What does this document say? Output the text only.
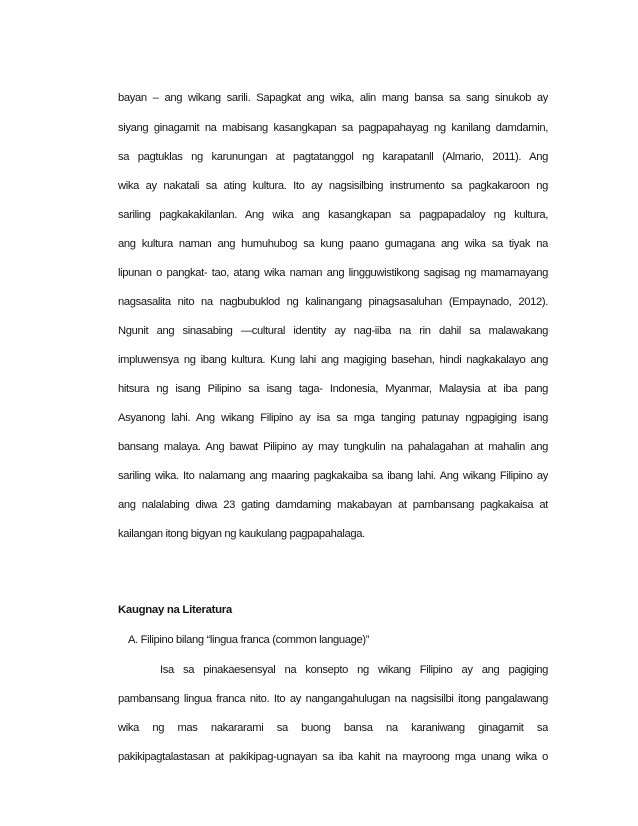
bayan – ang wikang sarili. Sapagkat ang wika, alin mang bansa sa sang sinukob ay

siyang ginagamit na mabisang kasangkapan sa pagpapahayag ng kanilang damdamin,

sa pagtuklas ng karunungan at pagtatanggol ng karapatanll (Almario, 2011). Ang

wika ay nakatali sa ating kultura. Ito ay nagsisilbing instrumento sa pagkakaroon ng

sariling pagkakakilanlan. Ang wika ang kasangkapan sa pagpapadaloy ng kultura,

ang kultura naman ang humuhubog sa kung paano gumagana ang wika sa tiyak na

lipunan o pangkat- tao, atang wika naman ang lingguwistikong sagisag ng mamamayang

nagsasalita nito na nagbubuklod ng kalinangang pinagsasaluhan (Empaynado, 2012).

Ngunit ang sinasabing ―cultural identity ay nag-iiba na rin dahil sa malawakang

impluwensya ng ibang kultura. Kung lahi ang magiging basehan, hindi nagkakalayo ang

hitsura ng isang Pilipino sa isang taga- Indonesia, Myanmar, Malaysia at iba pang

Asyanong lahi. Ang wikang Filipino ay isa sa mga tanging patunay ngpagiging isang

bansang malaya. Ang bawat Pilipino ay may tungkulin na pahalagahan at mahalin ang

sariling wika. Ito nalamang ang maaring pagkakaiba sa ibang lahi. Ang wikang Filipino ay

ang nalalabing diwa 23 gating damdaming makabayan at pambansang pagkakaisa at

kailangan itong bigyan ng kaukulang pagpapahalaga.

Kaugnay na Literatura

A. Filipino bilang “lingua franca (common language)”

Isa sa pinakaesensyal na konsepto ng wikang Filipino ay ang pagiging

pambansang lingua franca nito. Ito ay nangangahulugan na nagsisilbi itong pangalawang

wika ng mas nakararami sa buong bansa na karaniwang ginagamit sa

pakikipagtalastasan at pakikipag-ugnayan sa iba kahit na mayroong mga unang wika o
